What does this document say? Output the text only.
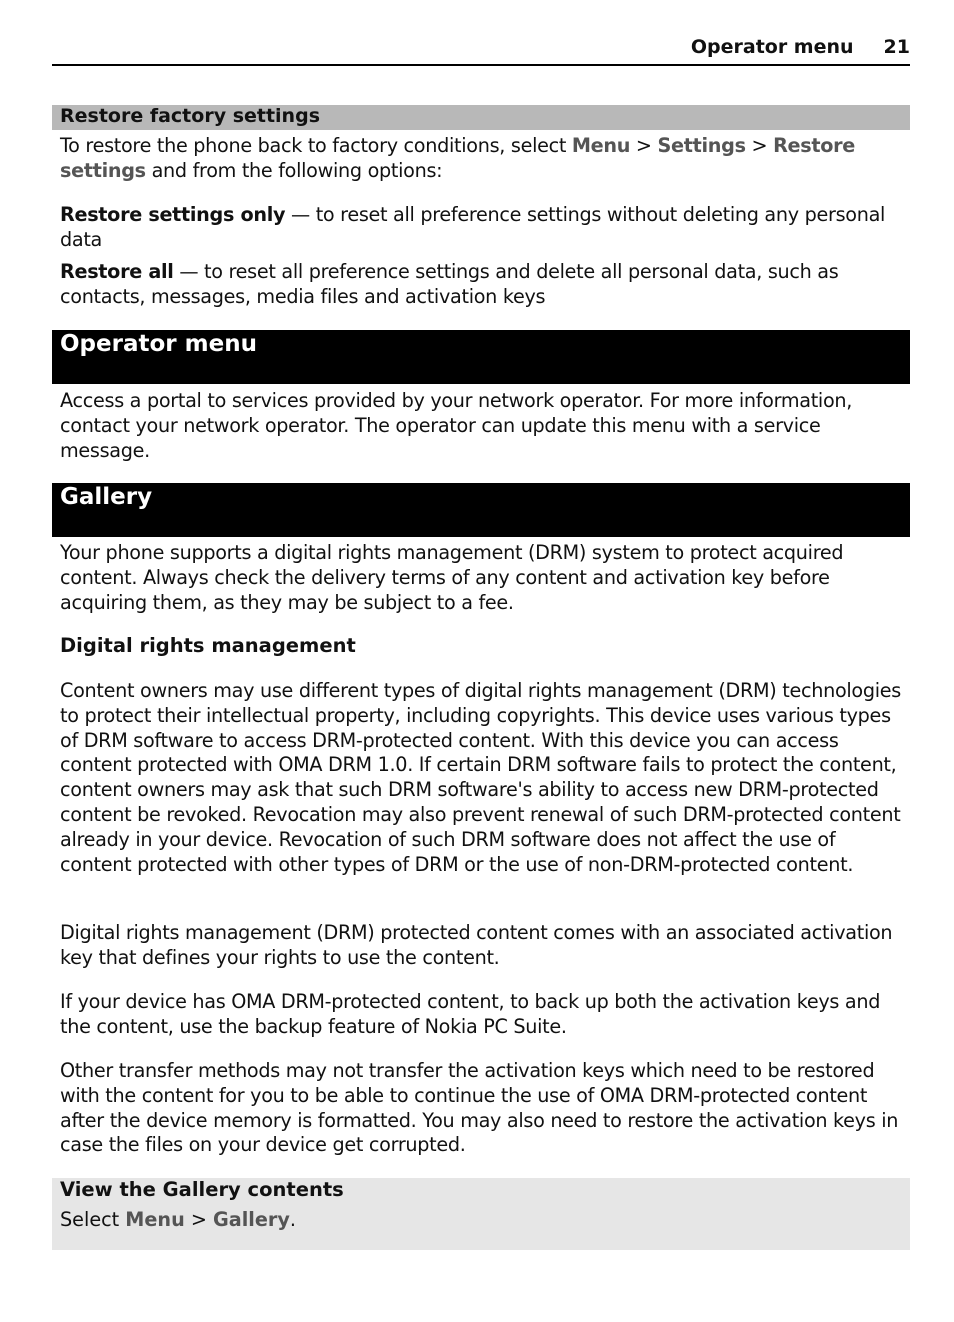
Operator menu 21
Restore factory settings
To restore the phone back to factory conditions, select Menu > Settings > Restore settings and from the following options:
Restore settings only — to reset all preference settings without deleting any personal data
Restore all — to reset all preference settings and delete all personal data, such as contacts, messages, media files and activation keys
Operator menu
Access a portal to services provided by your network operator. For more information, contact your network operator. The operator can update this menu with a service message.
Gallery
Your phone supports a digital rights management (DRM) system to protect acquired content. Always check the delivery terms of any content and activation key before acquiring them, as they may be subject to a fee.
Digital rights management
Content owners may use different types of digital rights management (DRM) technologies to protect their intellectual property, including copyrights. This device uses various types of DRM software to access DRM-protected content. With this device you can access content protected with OMA DRM 1.0. If certain DRM software fails to protect the content, content owners may ask that such DRM software's ability to access new DRM-protected content be revoked. Revocation may also prevent renewal of such DRM-protected content already in your device. Revocation of such DRM software does not affect the use of content protected with other types of DRM or the use of non-DRM-protected content.
Digital rights management (DRM) protected content comes with an associated activation key that defines your rights to use the content.
If your device has OMA DRM-protected content, to back up both the activation keys and the content, use the backup feature of Nokia PC Suite.
Other transfer methods may not transfer the activation keys which need to be restored with the content for you to be able to continue the use of OMA DRM-protected content after the device memory is formatted. You may also need to restore the activation keys in case the files on your device get corrupted.
View the Gallery contents
Select Menu > Gallery.
